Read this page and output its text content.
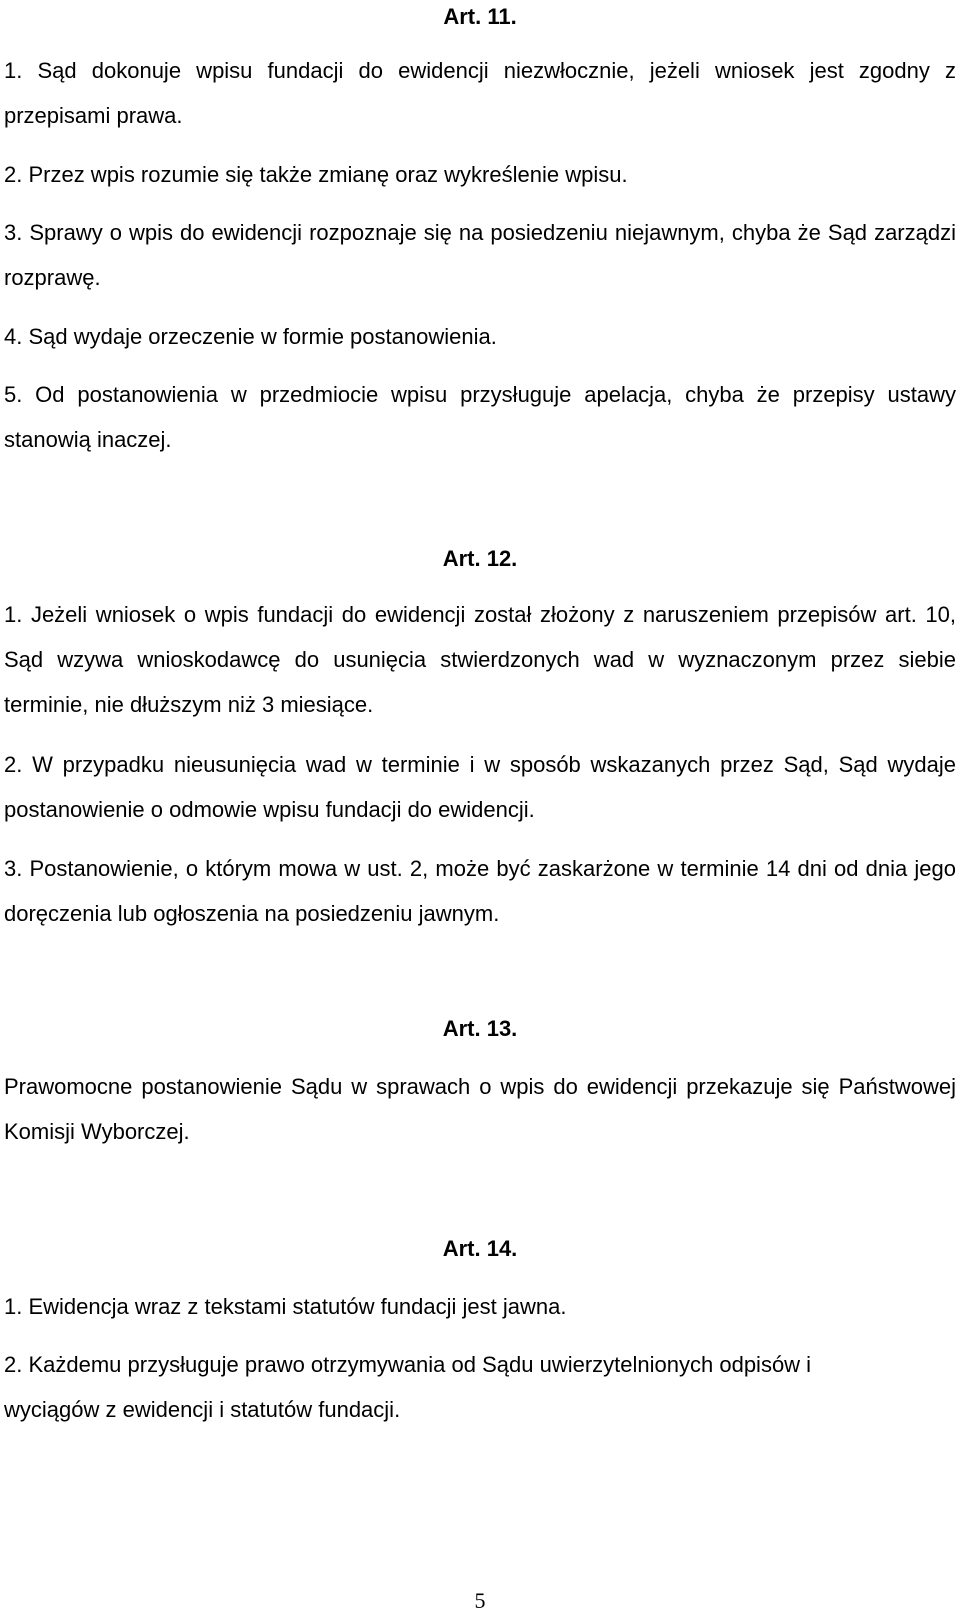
Art. 11.

1. Sąd dokonuje wpisu fundacji do ewidencji niezwłocznie, jeżeli wniosek jest zgodny z przepisami prawa.

2. Przez wpis rozumie się także zmianę oraz wykreślenie wpisu.

3. Sprawy o wpis do ewidencji rozpoznaje się na posiedzeniu niejawnym, chyba że Sąd zarządzi rozprawę.

4. Sąd wydaje orzeczenie w formie postanowienia.

5. Od postanowienia w przedmiocie wpisu przysługuje apelacja, chyba że przepisy ustawy stanowią inaczej.

Art. 12.

1. Jeżeli wniosek o wpis fundacji do ewidencji został złożony z naruszeniem przepisów art. 10, Sąd wzywa wnioskodawcę do usunięcia stwierdzonych wad w wyznaczonym przez siebie terminie, nie dłuższym niż 3 miesiące.

2. W przypadku nieusunięcia wad w terminie i w sposób wskazanych przez Sąd, Sąd wydaje postanowienie o odmowie wpisu fundacji do ewidencji.

3. Postanowienie, o którym mowa w ust. 2, może być zaskarżone w terminie 14 dni od dnia jego doręczenia lub ogłoszenia na posiedzeniu jawnym.

Art. 13.

Prawomocne postanowienie Sądu w sprawach o wpis do ewidencji przekazuje się Państwowej Komisji Wyborczej.

Art. 14.

1. Ewidencja wraz z tekstami statutów fundacji jest jawna.

2. Każdemu przysługuje prawo otrzymywania od Sądu uwierzytelnionych odpisów i wyciągów z ewidencji i statutów fundacji.

5
